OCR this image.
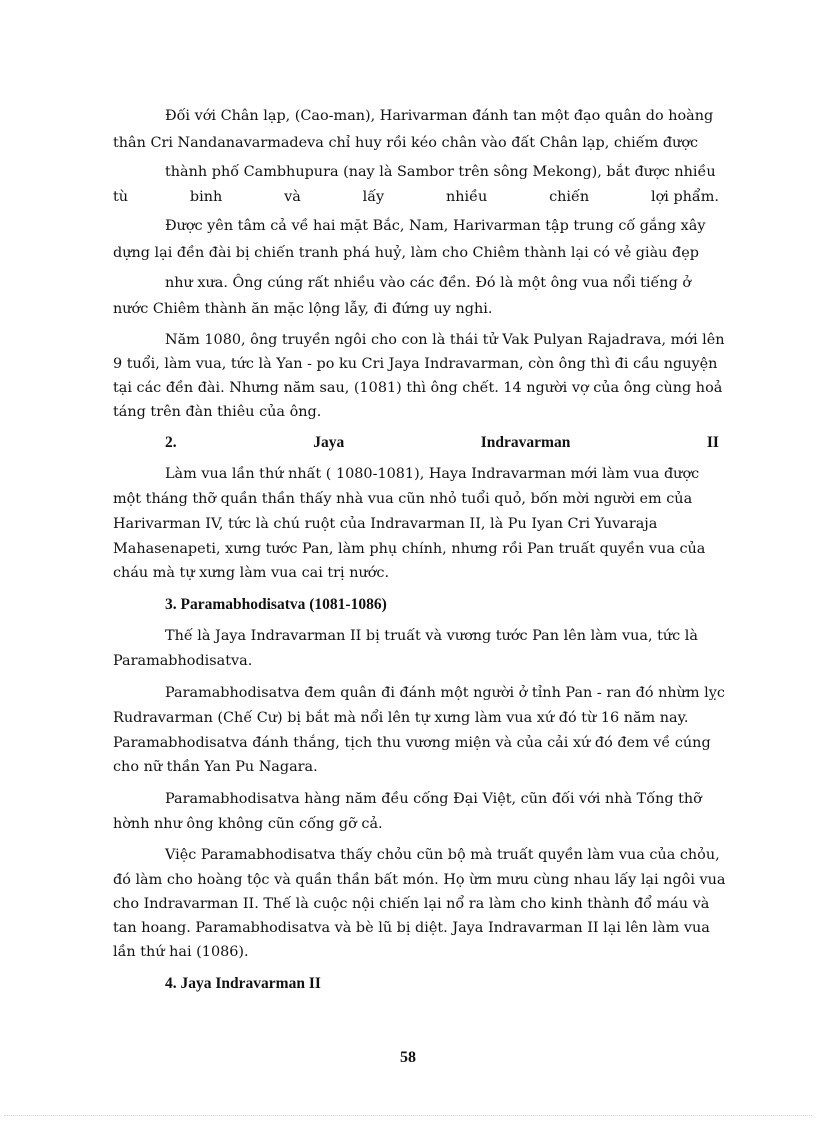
Đối với Chân lạp, (Cao-man), Harivarman đánh tan một đạo quân do hoàng
thân Cri Nandanavarmadeva chỉ huy rồi kéo chân vào đất Chân lạp, chiếm được
thành phố Cambhupura (nay là Sambor trên sông Mekong), bắt được nhiều
tù	binh	và	lấy	nhiều	chiến	lợi phẩm.
Được yên tâm cả về hai mặt Bắc, Nam, Harivarman tập trung cố gắng xây
dựng lại đền đài bị chiến tranh phá huỷ, làm cho Chiêm thành lại có vẻ giàu đẹp
như xưa. Ông cúng rất nhiều vào các đền. Đó là một ông vua nổi tiếng ở
nước Chiêm thành ăn mặc lộng lẫy, đi đứng uy nghi.
Năm 1080, ông truyền ngôi cho con là thái tử Vak Pulyan Rajadrava, mới lên
9 tuổi, làm vua, tức là Yan - po ku Cri Jaya Indravarman, còn ông thì đi cầu nguyện
tại các đền đài. Nhưng năm sau, (1081) thì ông chết. 14 người vợ của ông cùng hoả
táng trên đàn thiêu của ông.
2.	Jaya	Indravarman	II
Làm vua lần thứ nhất ( 1080-1081), Haya Indravarman mới làm vua được
một tháng thỡ quần thần thấy nhà vua cũn nhỏ tuổi quỏ, bốn mời người em của
Harivarman IV, tức là chú ruột của Indravarman II, là Pu Iyan Cri Yuvaraja
Mahasenapeti, xưng tước Pan, làm phụ chính, nhưng rồi Pan truất quyền vua của
cháu mà tự xưng làm vua cai trị nước.
3. Paramabhodisatva (1081-1086)
Thế là Jaya Indravarman II bị truất và vương tước Pan lên làm vua, tức là
Paramabhodisatva.
Paramabhodisatva đem quân đi đánh một người ở tỉnh Pan - ran đó nhừm lỵc
Rudravarman (Chế Cư) bị bắt mà nổi lên tự xưng làm vua xứ đó từ 16 năm nay.
Paramabhodisatva đánh thắng, tịch thu vương miện và của cải xứ đó đem về cúng
cho nữ thần Yan Pu Nagara.
Paramabhodisatva hàng năm đều cống Đại Việt, cũn đối với nhà Tống thỡ
hờnh như ông không cũn cống gỡ cả.
Việc Paramabhodisatva thấy chỏu cũn bộ mà truất quyền làm vua của chỏu,
đó làm cho hoàng tộc và quần thần bất món. Họ ừm mưu cùng nhau lấy lại ngôi vua
cho Indravarman II. Thế là cuộc nội chiến lại nổ ra làm cho kinh thành đổ máu và
tan hoang. Paramabhodisatva và bè lũ bị diệt. Jaya Indravarman II lại lên làm vua
lần thứ hai (1086).
4. Jaya Indravarman II
58
